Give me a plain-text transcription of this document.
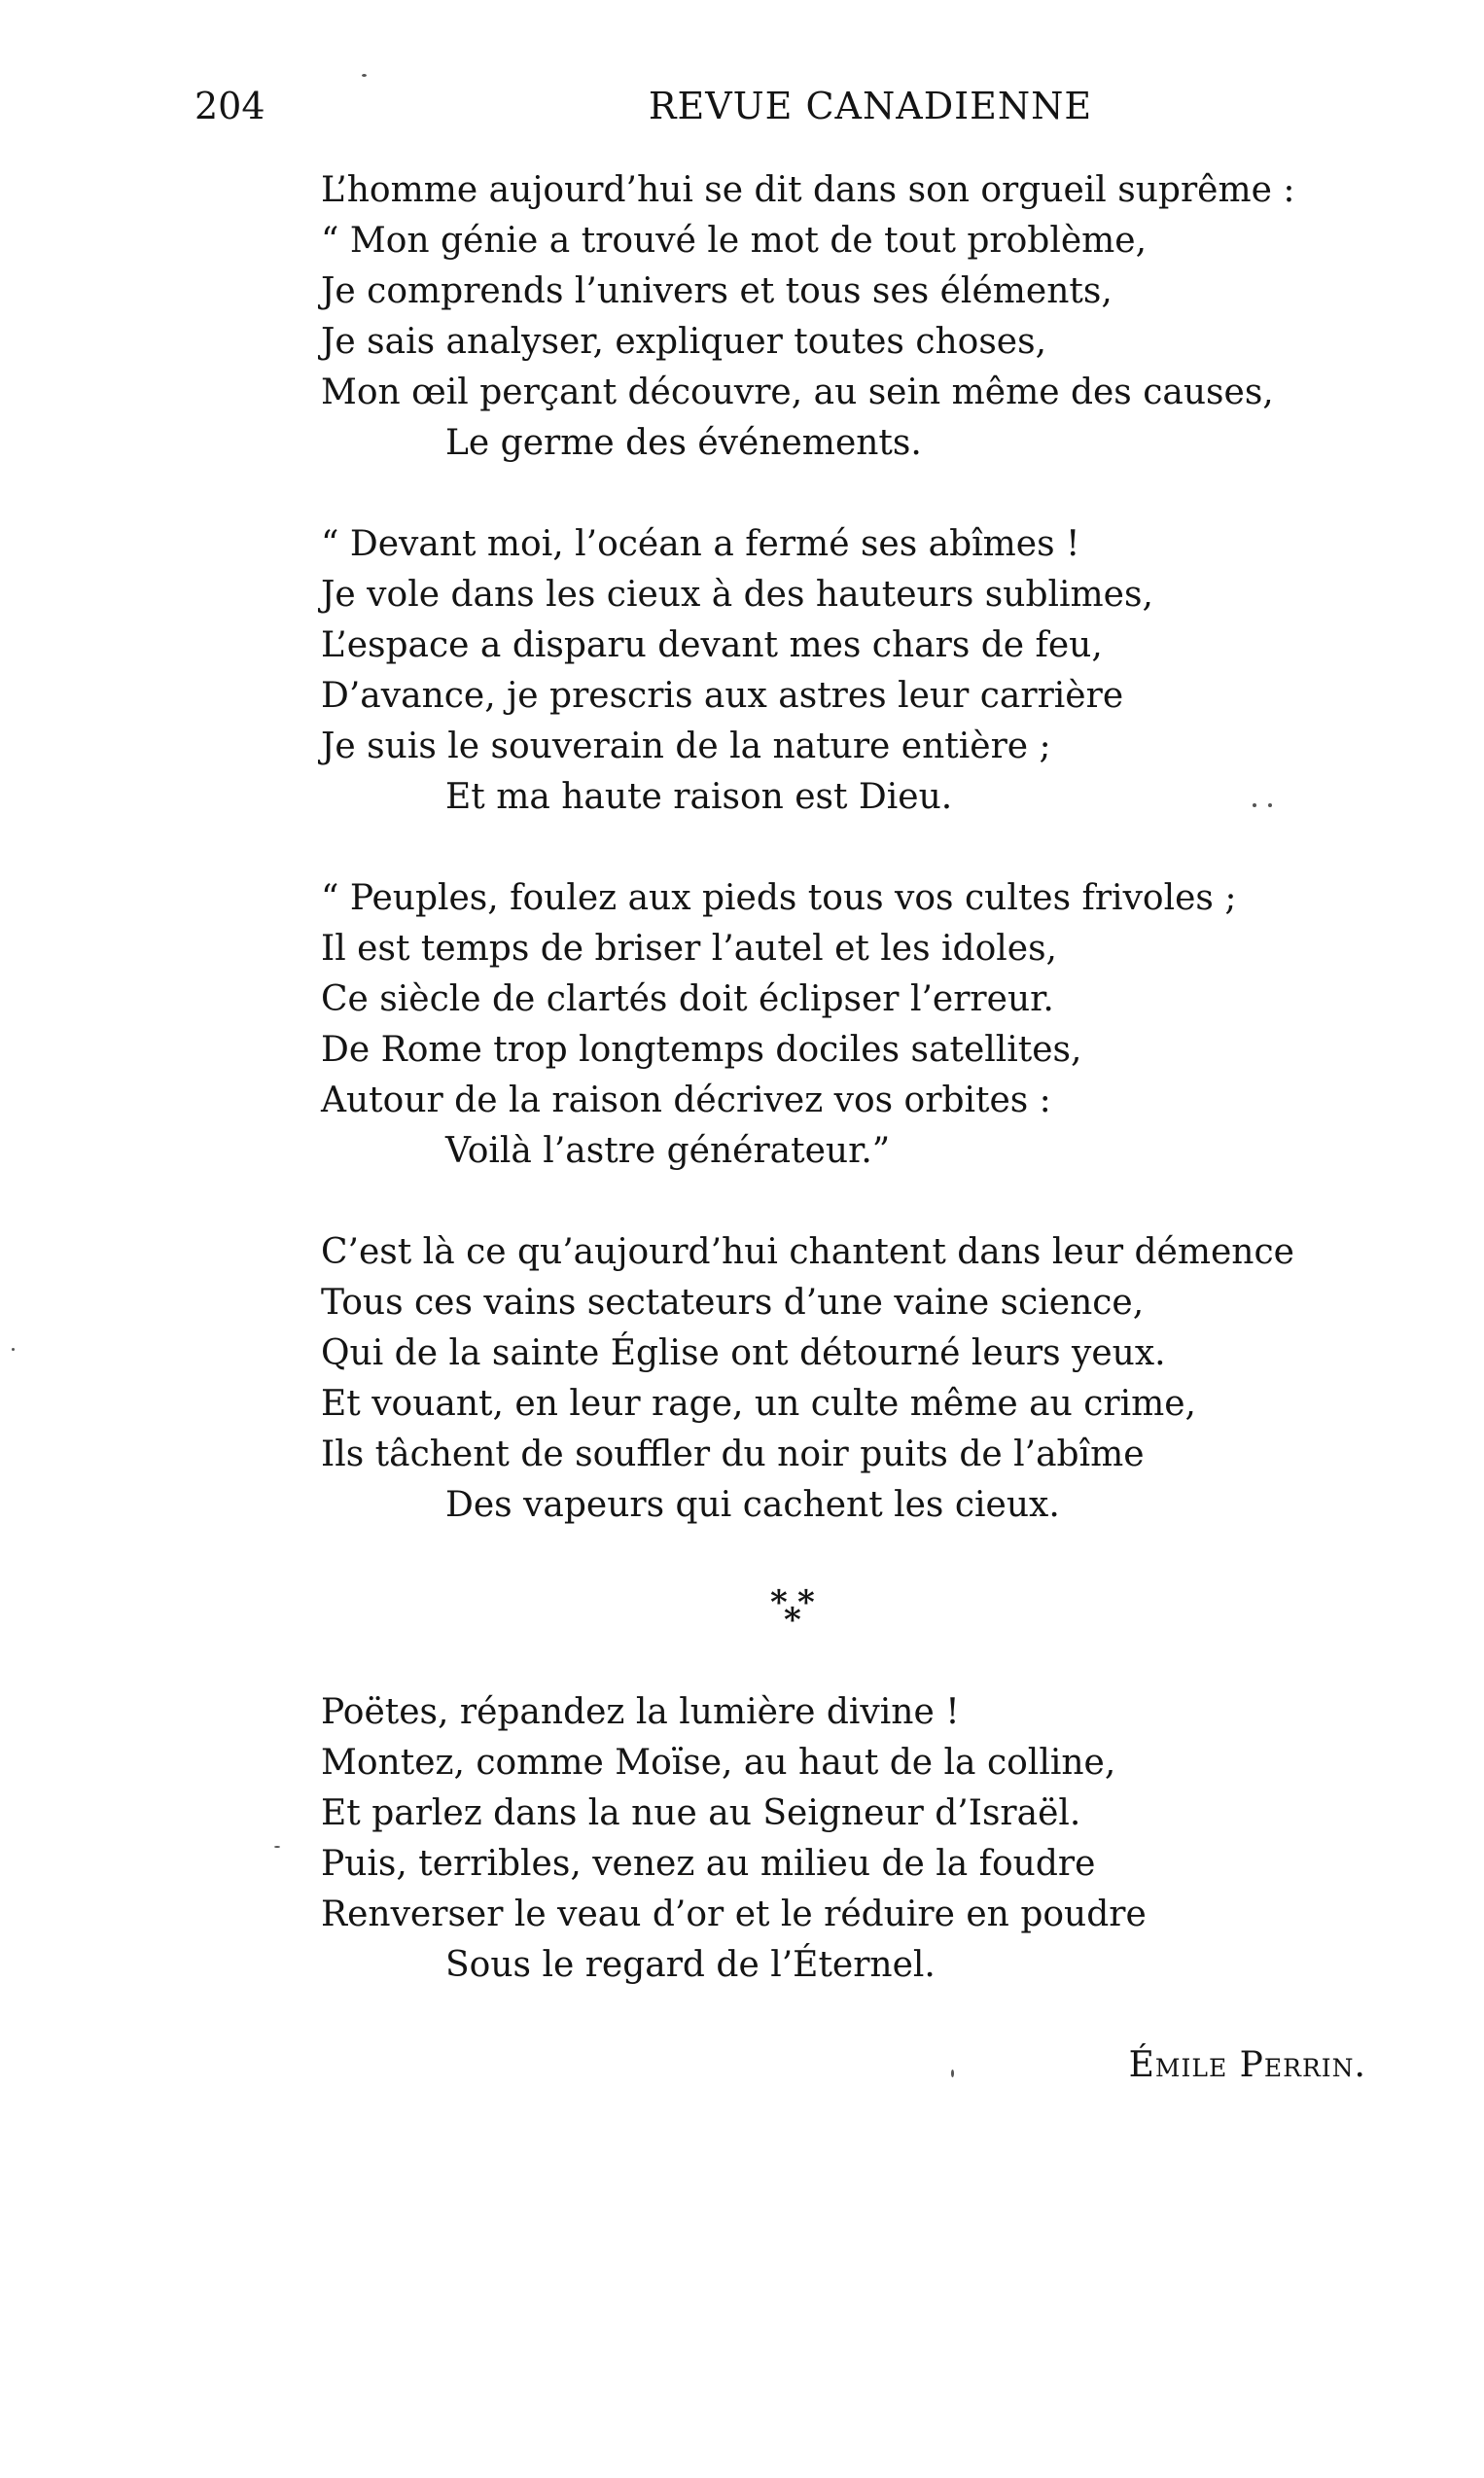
204	REVUE CANADIENNE
L’homme aujourd’hui se dit dans son orgueil suprême :
“ Mon génie a trouvé le mot de tout problème,
Je comprends l’univers et tous ses éléments,
Je sais analyser, expliquer toutes choses,
Mon œil perçant découvre, au sein même des causes,
Le germe des événements.
“ Devant moi, l’océan a fermé ses abîmes !
Je vole dans les cieux à des hauteurs sublimes,
L’espace a disparu devant mes chars de feu,
D’avance, je prescris aux astres leur carrière
Je suis le souverain de la nature entière ;
Et ma haute raison est Dieu.
“ Peuples, foulez aux pieds tous vos cultes frivoles ;
Il est temps de briser l’autel et les idoles,
Ce siècle de clartés doit éclipser l’erreur.
De Rome trop longtemps dociles satellites,
Autour de la raison décrivez vos orbites :
Voilà l’astre générateur.”
C’est là ce qu’aujourd’hui chantent dans leur démence
Tous ces vains sectateurs d’une vaine science,
Qui de la sainte Église ont détourné leurs yeux.
Et vouant, en leur rage, un culte même au crime,
Ils tâchent de souffler du noir puits de l’abîme
Des vapeurs qui cachent les cieux.
* *
*
Poëtes, répandez la lumière divine !
Montez, comme Moïse, au haut de la colline,
Et parlez dans la nue au Seigneur d’Israël.
Puis, terribles, venez au milieu de la foudre
Renverser le veau d’or et le réduire en poudre
Sous le regard de l’Éternel.
Émile Perrin.
